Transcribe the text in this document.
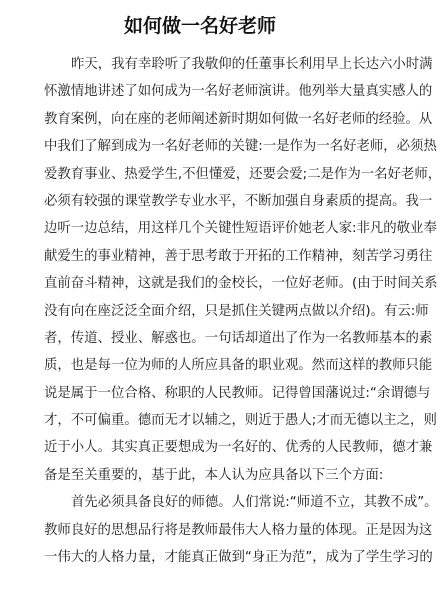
如何做一名好老师
昨天，我有幸聆听了我敬仰的任董事长利用早上长达六小时满
怀激情地讲述了如何成为一名好老师演讲。他列举大量真实感人的
教育案例，向在座的老师阐述新时期如何做一名好老师的经验。从
中我们了解到成为一名好老师的关键:一是作为一名好老师，必须热
爱教育事业、热爱学生,不但懂爱，还要会爱;二是作为一名好老师，
必须有较强的课堂教学专业水平，不断加强自身素质的提高。我一
边听一边总结，用这样几个关键性短语评价她老人家:非凡的敬业奉
献爱生的事业精神，善于思考敢于开拓的工作精神，刻苦学习勇往
直前奋斗精神，这就是我们的金校长，一位好老师。(由于时间关系
没有向在座泛泛全面介绍，只是抓住关键两点做以介绍)。有云:师
者，传道、授业、解惑也。一句话却道出了作为一名教师基本的素
质，也是每一位为师的人所应具备的职业观。然而这样的教师只能
说是属于一位合格、称职的人民教师。记得曾国藩说过:“余谓德与
才，不可偏重。德而无才以辅之，则近于愚人;才而无德以主之，则
近于小人。其实真正要想成为一名好的、优秀的人民教师，德才兼
备是至关重要的，基于此，本人认为应具备以下三个方面:
首先必须具备良好的师德。人们常说:“师道不立，其教不成”。
教师良好的思想品行将是教师最伟大人格力量的体现。正是因为这
一伟大的人格力量，才能真正做到“身正为范”，成为了学生学习的
